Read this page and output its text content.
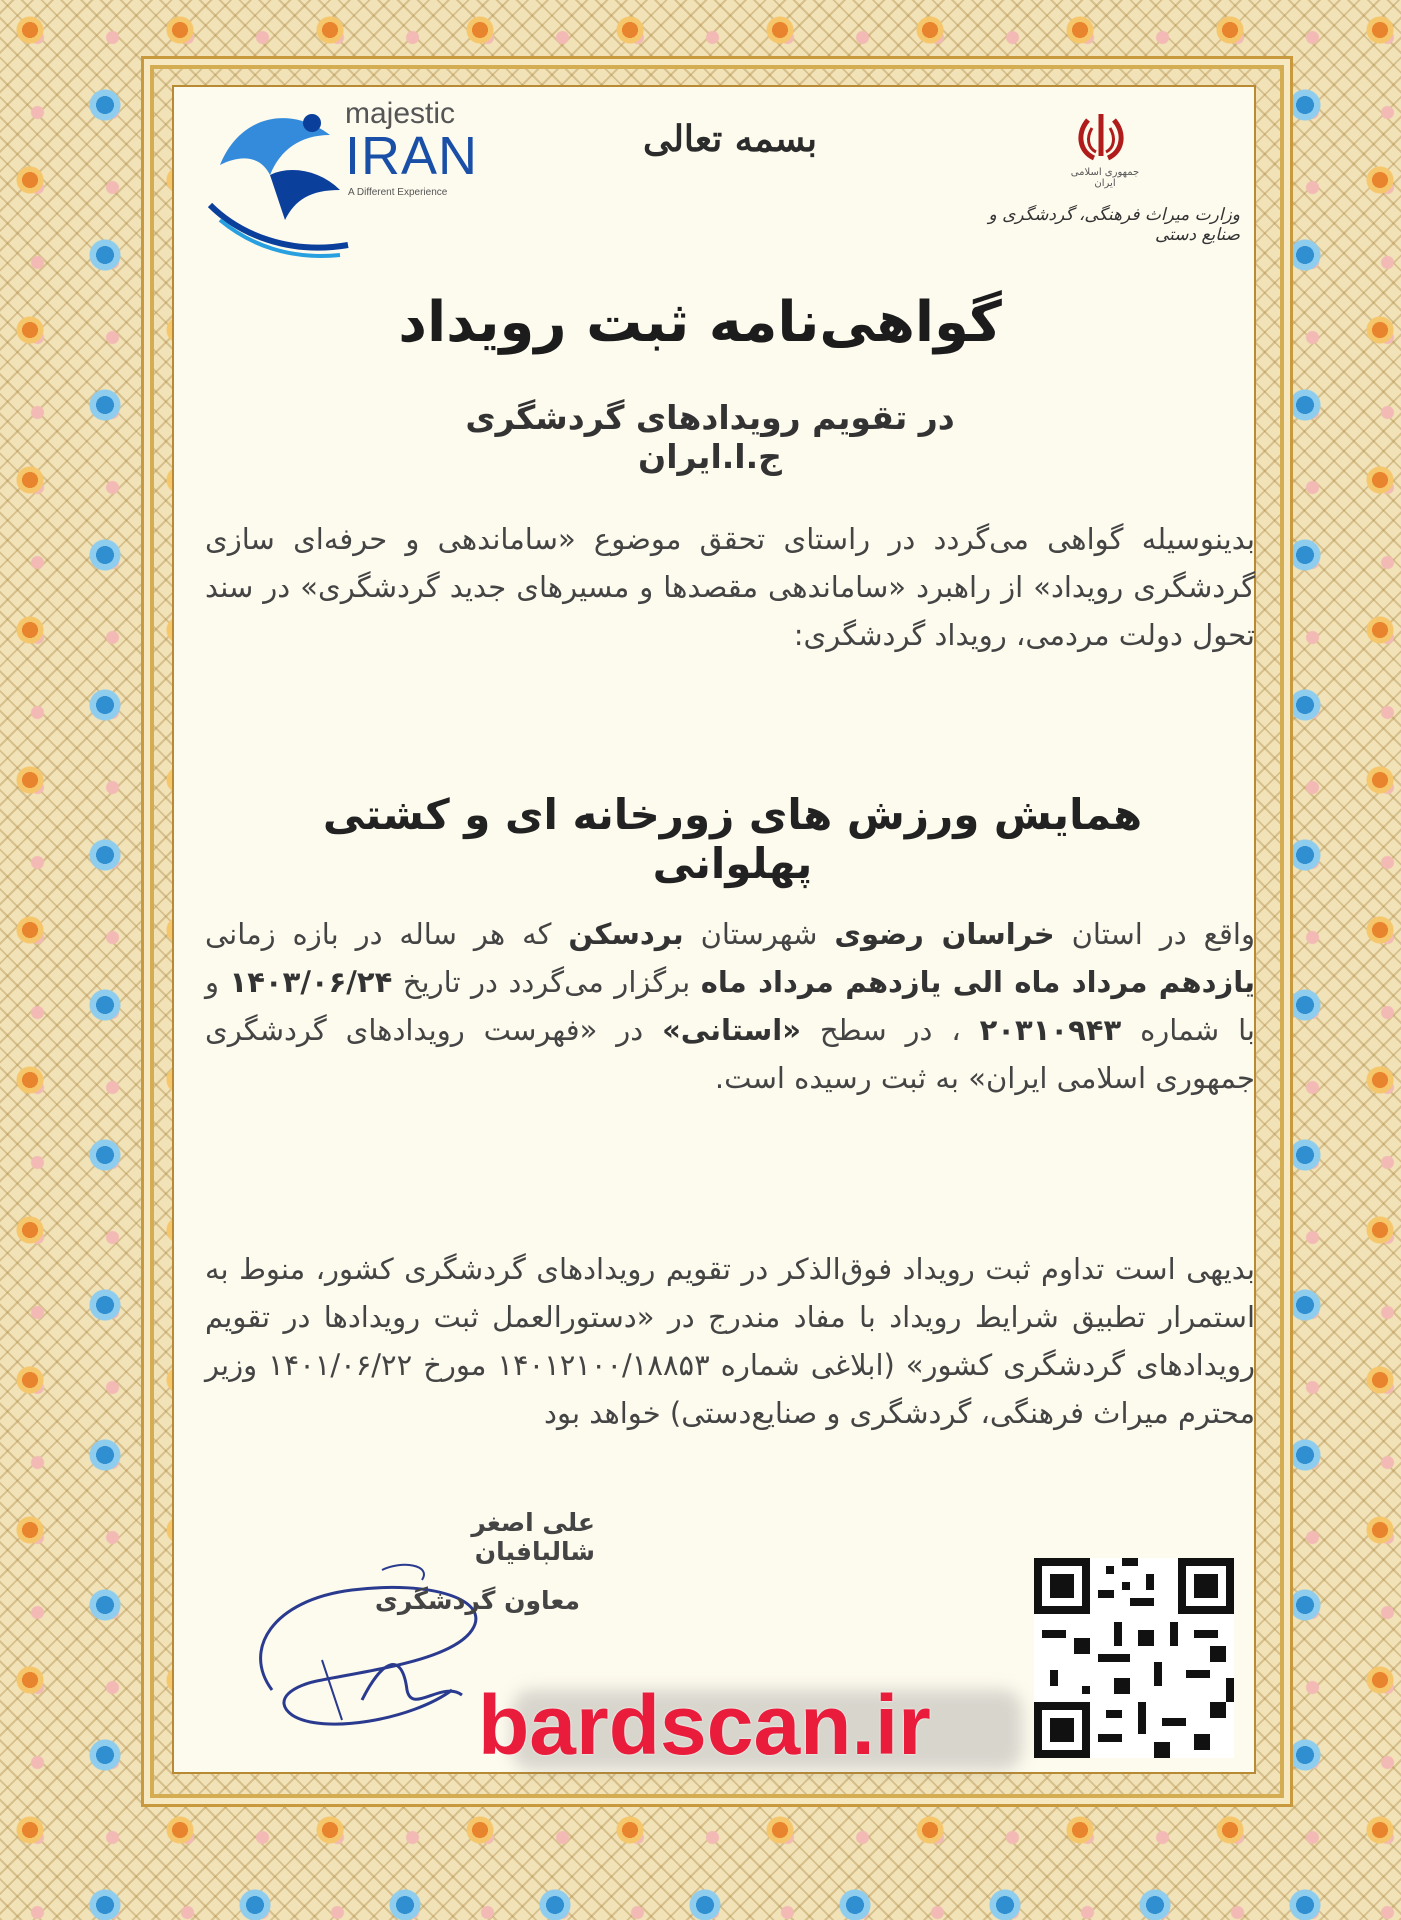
majestic
IRAN
A Different Experience
بسمه تعالی
جمهوری اسلامی ایران
وزارت میراث فرهنگی، گردشگری و صنایع دستی
گواهی‌نامه ثبت رویداد
در تقویم رویدادهای گردشگری ج.ا.ایران
بدینوسیله گواهی می‌گردد در راستای تحقق موضوع «ساماندهی و حرفه‌ای سازی گردشگری رویداد» از راهبرد «ساماندهی مقصدها و مسیرهای جدید گردشگری» در سند تحول دولت مردمی، رویداد گردشگری:
همایش ورزش های زورخانه ای و کشتی پهلوانی
واقع در استان خراسان رضوی شهرستان بردسکن که هر ساله در بازه زمانی یازدهم مرداد ماه الی یازدهم مرداد ماه برگزار می‌گردد در تاریخ ۱۴۰۳/۰۶/۲۴ و با شماره ۲۰۳۱۰۹۴۳ ، در سطح «استانی» در «فهرست رویدادهای گردشگری جمهوری اسلامی ایران» به ثبت رسیده است.
بدیهی است تداوم ثبت رویداد فوق‌الذکر در تقویم رویدادهای گردشگری کشور، منوط به استمرار تطبیق شرایط رویداد با مفاد مندرج در «دستورالعمل ثبت رویدادها در تقویم رویدادهای گردشگری کشور» (ابلاغی شماره ۱۴۰۱۲۱۰۰/۱۸۸۵۳ مورخ ۱۴۰۱/۰۶/۲۲ وزیر محترم میراث فرهنگی، گردشگری و صنایع‌دستی) خواهد بود
علی اصغر شالبافیان
معاون گردشگری
bardscan.ir
